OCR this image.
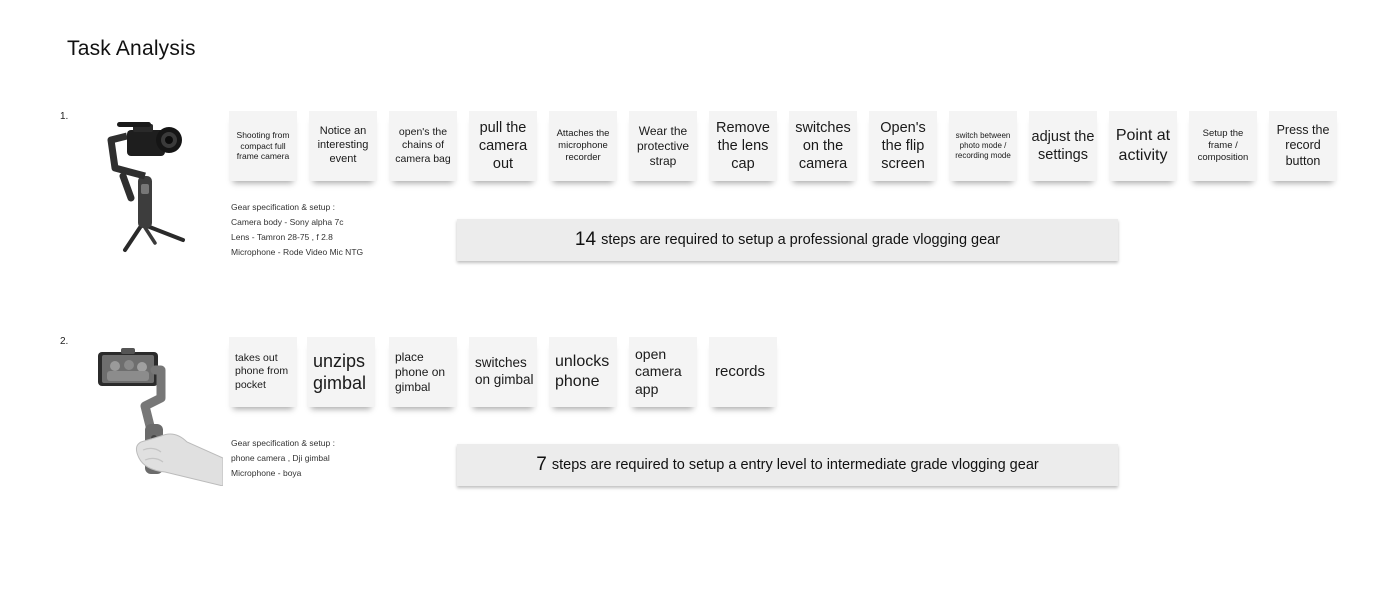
Task Analysis
1.
Shooting from compact full frame camera
Notice an interesting event
open's the chains of camera bag
pull the camera out
Attaches the microphone recorder
Wear the protective strap
Remove the lens cap
switches on the camera
Open's the flip screen
switch between photo mode / recording mode
adjust the settings
Point at activity
Setup the frame / composition
Press the record button
Gear specification & setup :
Camera body - Sony alpha 7c
Lens - Tamron 28-75 , f 2.8
Microphone - Rode Video Mic NTG
14 steps are required to setup a professional grade vlogging gear
2.
takes out phone from pocket
unzips gimbal
place phone on gimbal
switches on gimbal
unlocks phone
open camera app
records
Gear specification & setup :
phone camera , Dji gimbal
Microphone - boya	7 steps are required to setup a entry level to intermediate grade vlogging gear
